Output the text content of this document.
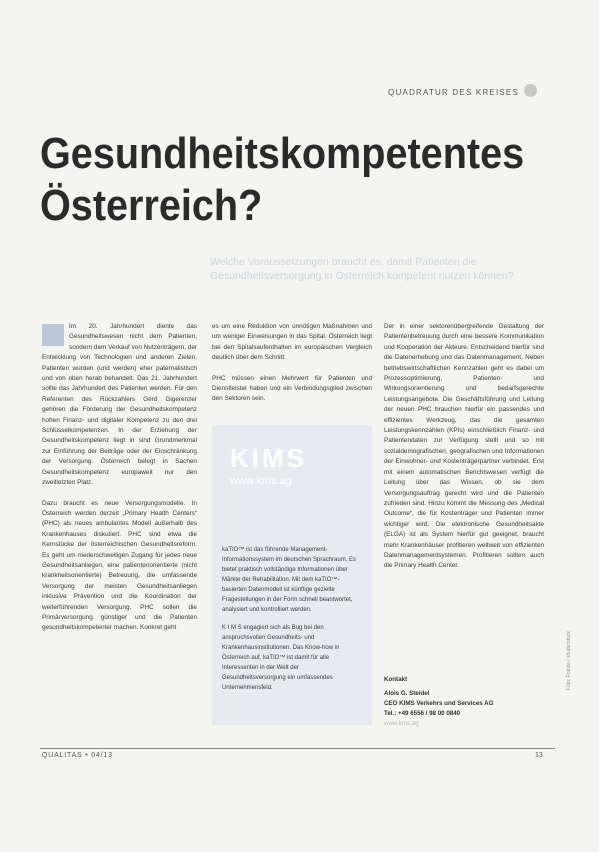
QUADRATUR DES KREISES
Gesundheitskompetentes
Österreich?
Welche Voraussetzungen braucht es, damit Patienten die Gesundheitsversorgung in Österreich kompetent nutzen können?

Im 20. Jahrhundert diente das Gesundheitswesen nicht dem Patienten, sondern dem Verkauf von Nutzenträgern, der Entwicklung von Technologien und anderen Zielen. Patienten wurden (und werden) eher paternalistisch und von oben herab behandelt. Das 21. Jahrhundert sollte das Jahrhundert des Patienten werden. Für den Referenten des Rückzahlers Gerd Gigerenzer gehören die Förderung der Gesundheitskompetenz hohen Finanz- und digitaler Kompetenz zu den drei Schlüsselkompetenzen. In der Erziehung der Gesundheitskompetenz liegt in sind Grundmerkmal zur Einführung der Beiträge oder der Einschränkung der Versorgung. Österreich belegt in Sachen Gesundheitskompetenz europaweit nur den zweitletzten Platz.

Dazu braucht es neue Versorgungsmodelle. In Österreich werden derzeit „Primary Health Centers“ (PHC) als neues ambulantes Modell außerhalb des Krankenhauses diskutiert. PHC sind etwa die Kernstücke der österreichischen Gesundheitsreform. Es geht um niederschwelligen Zugang für jedes neue Gesundheitsanliegen, eine patientenorientierte (nicht krankheitsorientierte) Betreuung, die umfassende Versorgung der meisten Gesundheitsanliegen inklusive Prävention und die Koordination der weiterführenden Versorgung. PHC sollen die Primärversorgung günstiger und die Patienten gesundheitskompetenter machen. Konkret geht

es um eine Reduktion von unnötigen Maßnahmen und um weniger Einweisungen in das Spital. Österreich liegt bei den Spitalsaufenthalten im europäischen Vergleich deutlich über dem Schnitt.

PHC müssen einen Mehrwert für Patienten und Dienstleister haben und ein Verbindungsglied zwischen den Sektoren sein.

KIMS
www.kms.ag

kaTIO™ ist das führende Management-Informationssystem im deutschen Sprachraum. Es bietet praktisch vollständige Informationen über Märkte der Rehabilitation. Mit dem kaTIO™-basierten Datenmodell ist künftige gezielte Fragestellungen in der Form schnell beantwortet, analysiert und kontrolliert werden.

K I M S engagiert sich als Bug bei den anspruchsvollen Gesundheits- und Krankenhausinstitutionen. Das Know-how in Österreich auf, kaTIO™ ist damit für alle Interessenten in der Welt der Gesundheitsversorgung ein umfassendes Unternehmensfeld.

Der in einer sektorenübergreifende Gestaltung der Patientenbetreuung durch eine bessere Kommunikation und Kooperation der Akteure. Entscheidend hierfür sind die Datenerhebung und das Datenmanagement. Neben betriebswirtschaftlichen Kennzahlen geht es dabei um Prozessoptimierung, Patienten- und Wirkungsorientierung und bedarfsgerechte Leistungsangebote. Die Geschäftsführung und Leitung der neuen PHC brauchen hierfür ein passendes und effizientes Werkzeug, das die gesamten Leistungskennzahlen (KPIs) einschließlich Finanz- und Patientendaten zur Verfügung stellt und so mit sozialdemografischen, geografischen und Informationen der Einwohner- und Kostenträgerpartner verbindet. Erst mit einem automatischen Berichtswesen verfügt die Leitung über das Wissen, ob sie dem Versorgungsauftrag gerecht wird und die Patienten zufrieden sind. Hinzu kommt die Messung des „Medical Outcome“, die für Kostenträger und Patienten immer wichtiger wird. Die elektronische Gesundheitsakte (ELGA) ist als System hierfür gut geeignet, braucht mehr Krankenhäuser profitieren weltweit von effizienten Datenmanagementsystemen. Profitieren sollten auch die Primary Health Center.

Kontakt
Alois G. Steidel
CEO KIMS Verkehrs und Services AG
Tel.: +49 6556 / 98 00 0840
www.kms.ag
Foto: Fotolia / shutterstock
QUALITAS • 04/13	13
